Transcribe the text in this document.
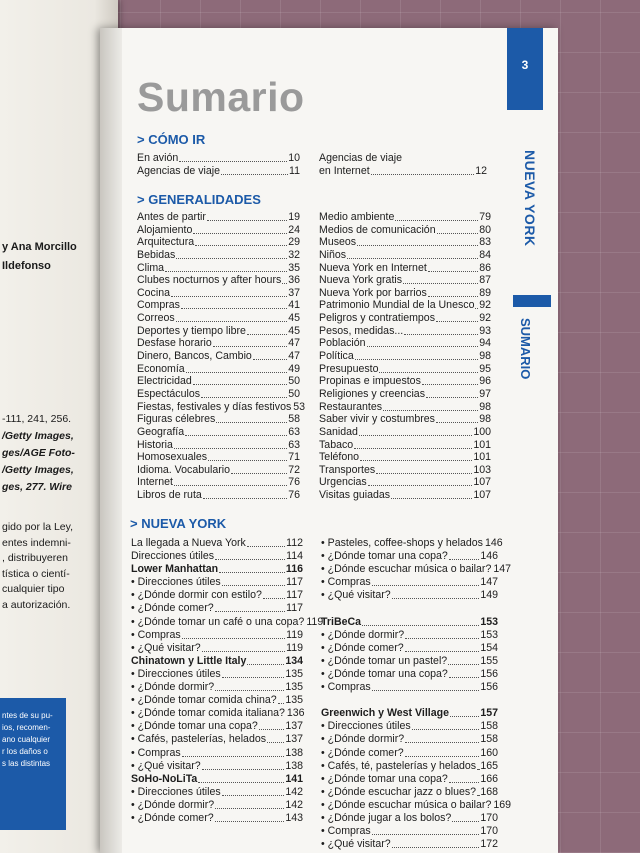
y Ana Morcillo
Ildefonso
-111, 241, 256.
/Getty Images,
ges/AGE Foto-
/Getty Images,
ges, 277. Wire
gido por la Ley,
entes indemni-
, distribuyeren
tística o cientí-
cualquier tipo
a autorización.
ntes de su pu-
ios, recomen-
ano cualquier
r los daños o
s las distintas
3
NUEVA YORK
SUMARIO
Sumario
> CÓMO IR
En avión	10
Agencias de viaje	11
Agencias de viaje
en Internet	12
> GENERALIDADES
Antes de partir	19
Alojamiento	24
Arquitectura	29
Bebidas	32
Clima	35
Clubes nocturnos y after hours 36
Cocina	37
Compras	41
Correos	45
Deportes y tiempo libre	45
Desfase horario	47
Dinero, Bancos, Cambio	47
Economía	49
Electricidad	50
Espectáculos	50
Fiestas, festivales y días festivos 53
Figuras célebres	58
Geografía	63
Historia	63
Homosexuales	71
Idioma. Vocabulario	72
Internet	76
Libros de ruta	76
Medio ambiente	79
Medios de comunicación	80
Museos	83
Niños	84
Nueva York en Internet	86
Nueva York gratis	87
Nueva York por barrios	89
Patrimonio Mundial de la Unesco 92
Peligros y contratiempos	92
Pesos, medidas...	93
Población	94
Política	98
Presupuesto	95
Propinas e impuestos	96
Religiones y creencias	97
Restaurantes	98
Saber vivir y costumbres	98
Sanidad	100
Tabaco	101
Teléfono	101
Transportes	103
Urgencias	107
Visitas guiadas	107
> NUEVA YORK
La llegada a Nueva York	112
Direcciones útiles	114
Lower Manhattan	116
• Direcciones útiles	117
• ¿Dónde dormir con estilo? 117
• ¿Dónde comer?	117
• ¿Dónde tomar un café o una copa? 119
• Compras	119
• ¿Qué visitar?	119
Chinatown y Little Italy	134
• Direcciones útiles	135
• ¿Dónde dormir?	135
• ¿Dónde tomar comida china? 135
• ¿Dónde tomar comida italiana? 136
• ¿Dónde tomar una copa?	137
• Cafés, pastelerías, helados 137
• Compras	138
• ¿Qué visitar?	138
SoHo-NoLiTa	141
• Direcciones útiles	142
• ¿Dónde dormir?	142
• ¿Dónde comer?	143
• Pasteles, coffee-shops y helados 146
• ¿Dónde tomar una copa?	146
• ¿Dónde escuchar música o bailar? 147
• Compras	147
• ¿Qué visitar?	149
TriBeCa	153
• ¿Dónde dormir?	153
• ¿Dónde comer?	154
• ¿Dónde tomar un pastel?	155
• ¿Dónde tomar una copa?	156
• Compras	156
Greenwich y West Village	157
• Direcciones útiles	158
• ¿Dónde dormir?	158
• ¿Dónde comer?	160
• Cafés, té, pastelerías y helados 165
• ¿Dónde tomar una copa?	166
• ¿Dónde escuchar jazz o blues? 168
• ¿Dónde escuchar música o bailar? 169
• ¿Dónde jugar a los bolos?	170
• Compras	170
• ¿Qué visitar?	172
